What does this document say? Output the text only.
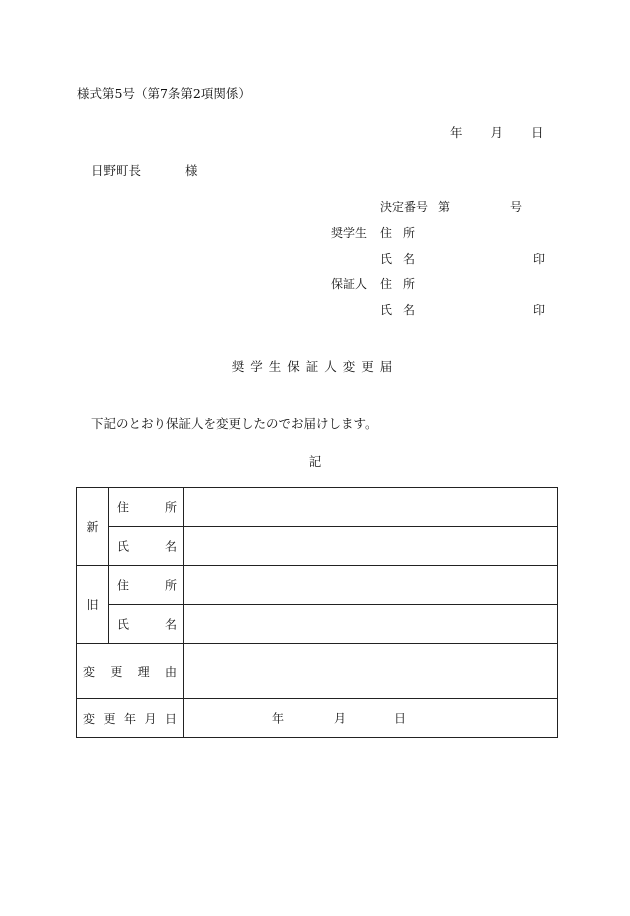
様式第5号（第7条第2項関係）
年 月 日
日野町長	様
決定番号 第	号
奨学生 住 所
氏 名	印
保証人 住 所
氏 名	印
奨学生保証人変更届
下記のとおり保証人を変更したのでお届けします。
記
新	住 所	

	氏 名	

旧	住 所	

	氏 名	

変 更 理 由		

変 更 年 月 日		年 月 日
